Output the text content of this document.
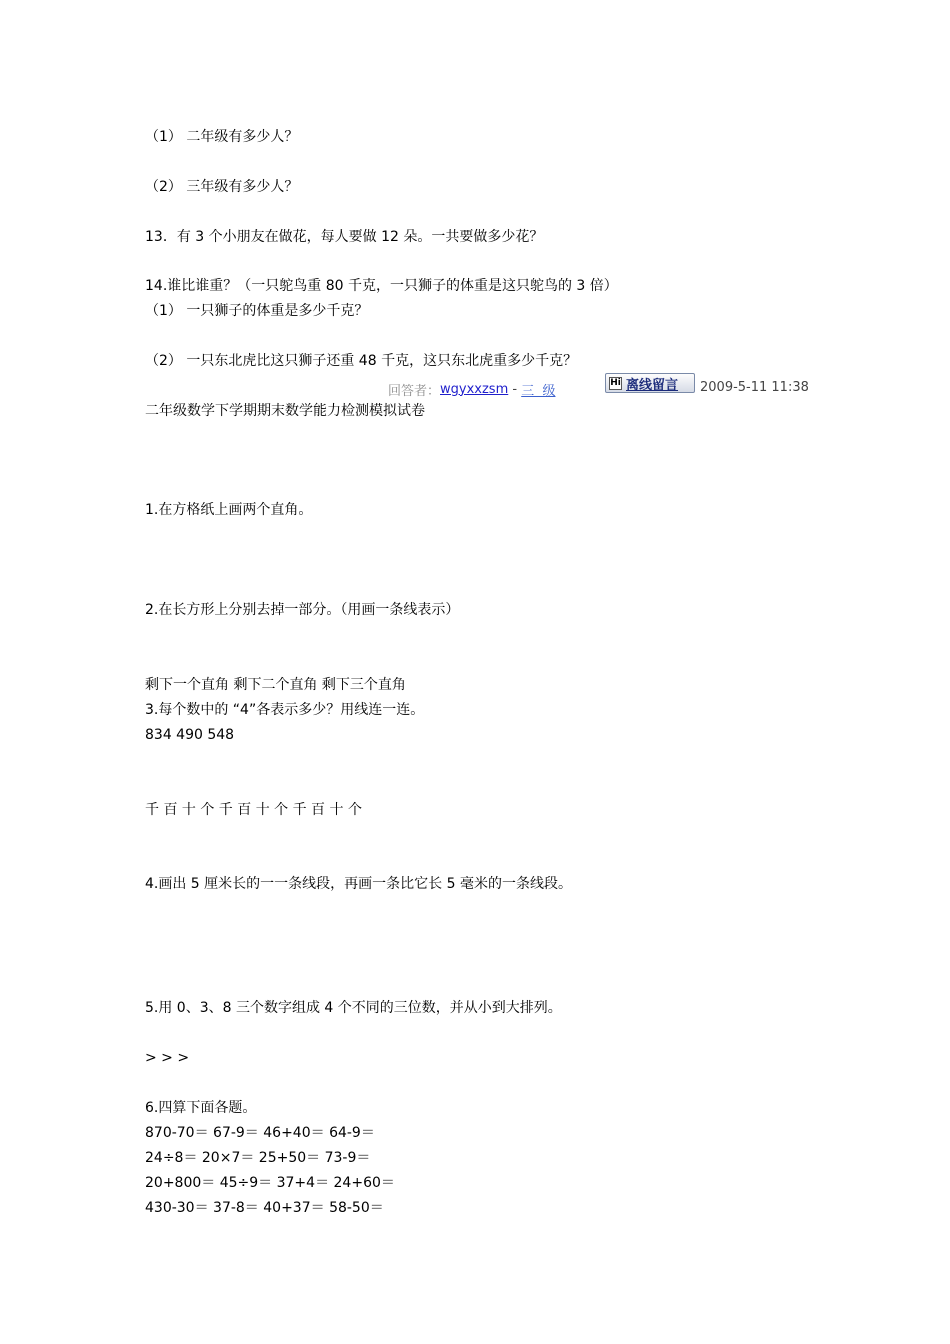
（1） 二年级有多少人？
（2） 三年级有多少人？
13．有 3 个小朋友在做花，每人要做 12 朵。一共要做多少花？
14.谁比谁重？（一只鸵鸟重 80 千克，一只狮子的体重是这只鸵鸟的 3 倍）
（1） 一只狮子的体重是多少千克？
（2） 一只东北虎比这只狮子还重 48 千克，这只东北虎重多少千克？
回答者： wgyxxzsm - 三  级
Hi 离线留言 2009-5-11 11:38
二年级数学下学期期末数学能力检测模拟试卷
1.在方格纸上画两个直角。
2.在长方形上分别去掉一部分。（用画一条线表示）
剩下一个直角 剩下二个直角 剩下三个直角
3.每个数中的 “4”各表示多少？用线连一连。
834 490 548
千 百 十 个 千 百 十 个 千 百 十 个
4.画出 5 厘米长的一一条线段，再画一条比它长 5 毫米的一条线段。
5.用 0、3、8 三个数字组成 4 个不同的三位数，并从小到大排列。
> > >
6.四算下面各题。
870-70＝ 67-9＝ 46+40＝ 64-9＝
24÷8＝ 20×7＝ 25+50＝ 73-9＝
20+800＝ 45÷9＝ 37+4＝ 24+60＝
430-30＝ 37-8＝ 40+37＝ 58-50＝
